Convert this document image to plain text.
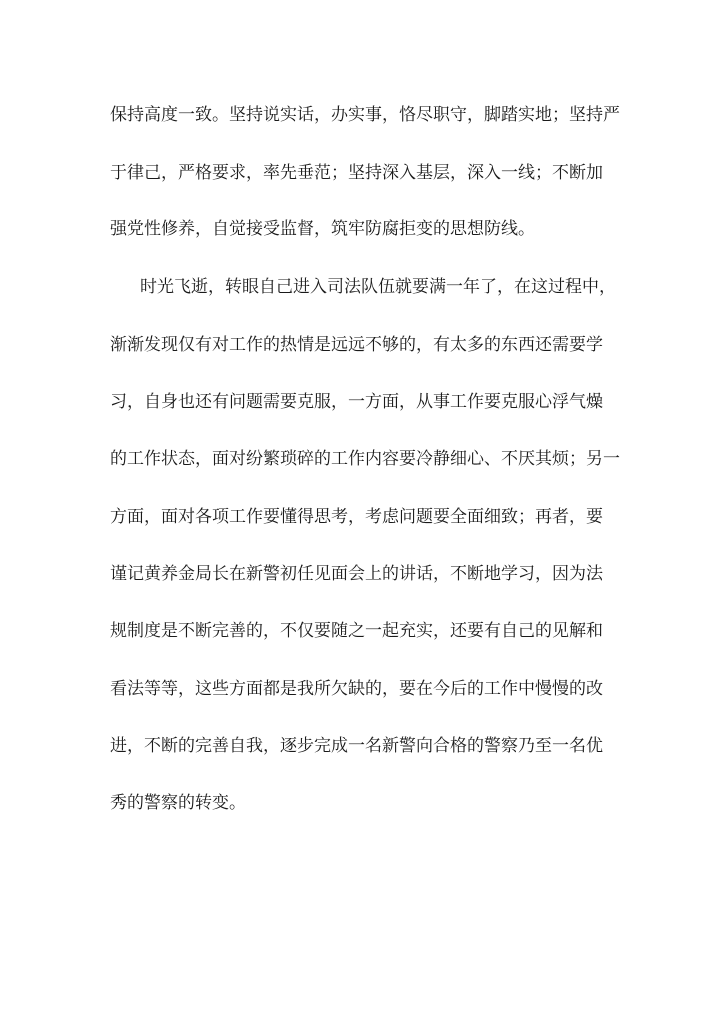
保持高度一致。坚持说实话，办实事，恪尽职守，脚踏实地；坚持严
于律己，严格要求，率先垂范；坚持深入基层，深入一线；不断加
强党性修养，自觉接受监督，筑牢防腐拒变的思想防线。
时光飞逝，转眼自己进入司法队伍就要满一年了，在这过程中，
渐渐发现仅有对工作的热情是远远不够的，有太多的东西还需要学
习，自身也还有问题需要克服，一方面，从事工作要克服心浮气燥
的工作状态，面对纷繁琐碎的工作内容要冷静细心、不厌其烦；另一
方面，面对各项工作要懂得思考，考虑问题要全面细致；再者，要
谨记黄养金局长在新警初任见面会上的讲话，不断地学习，因为法
规制度是不断完善的，不仅要随之一起充实，还要有自己的见解和
看法等等，这些方面都是我所欠缺的，要在今后的工作中慢慢的改
进，不断的完善自我，逐步完成一名新警向合格的警察乃至一名优
秀的警察的转变。
